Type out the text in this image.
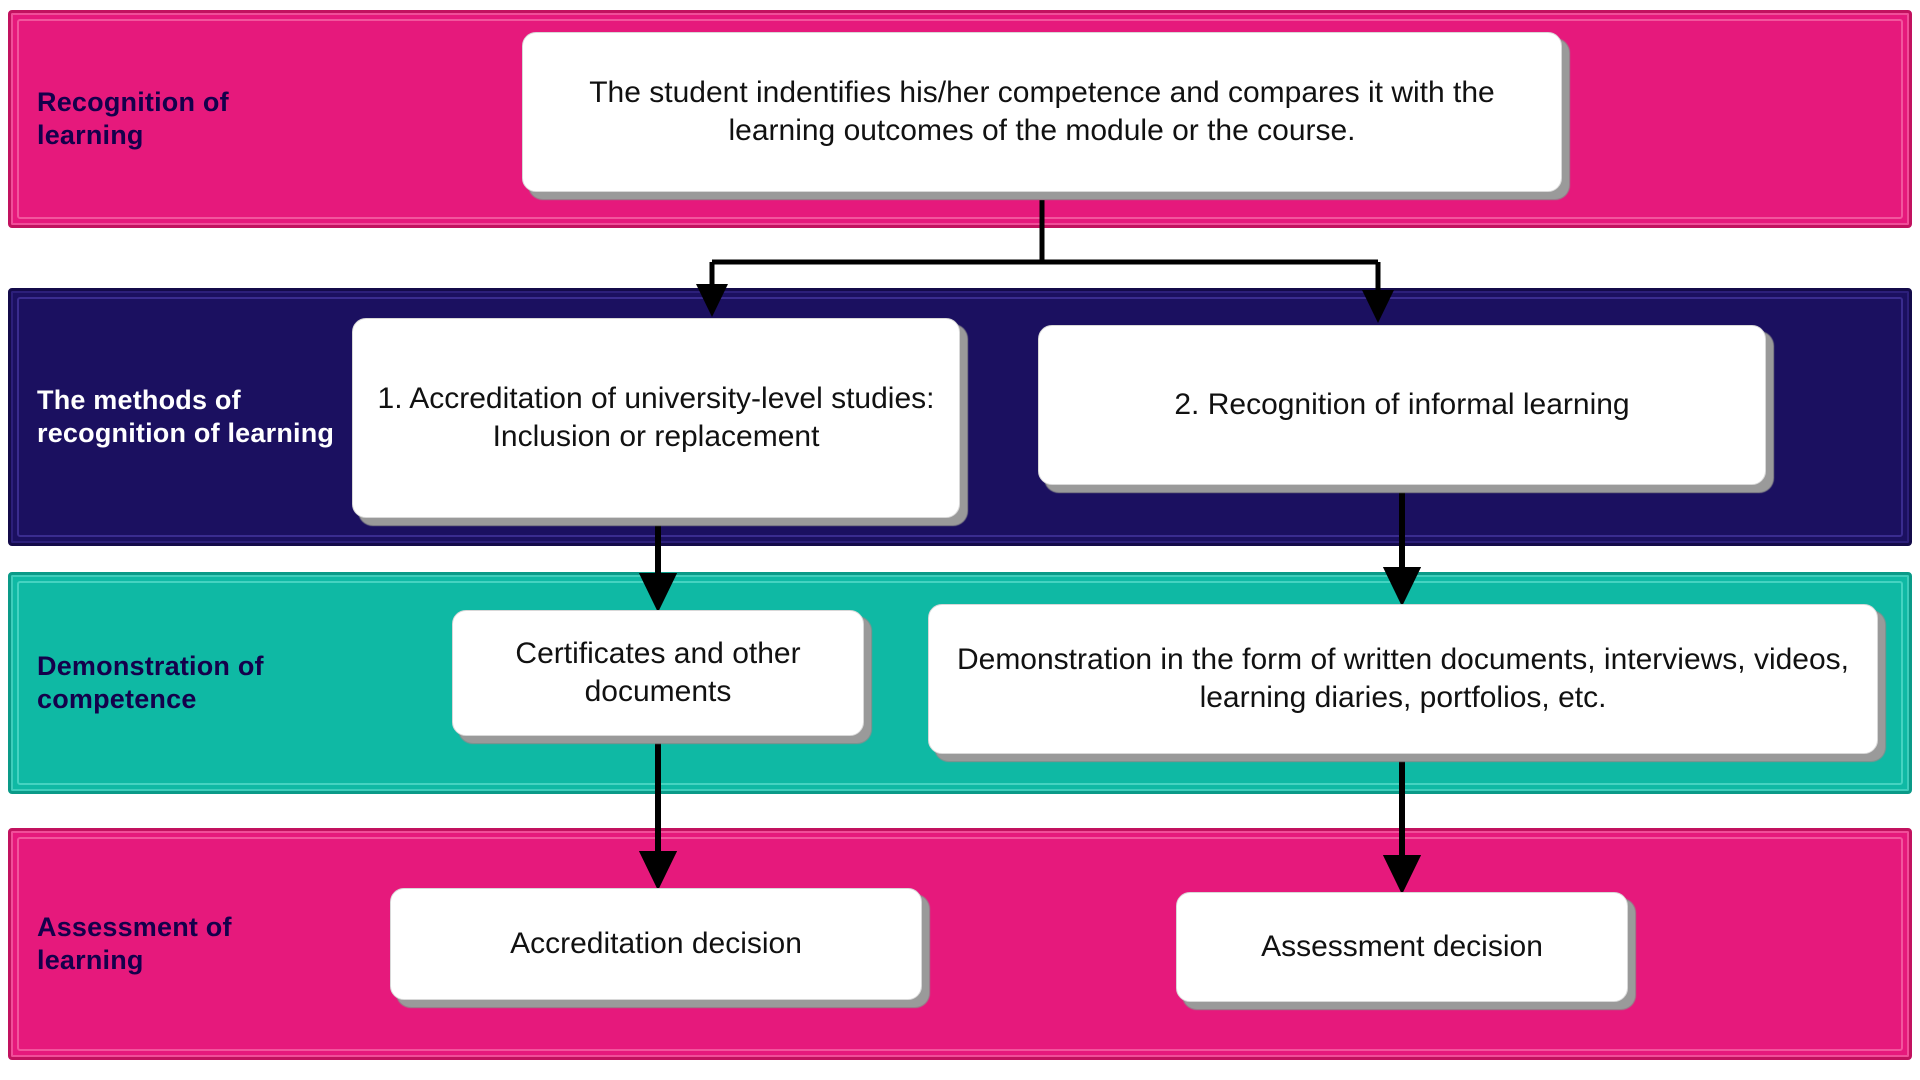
Recognition of learning
The methods of recognition of learning
Demonstration of competence
Assessment of learning
The student indentifies his/her competence and compares it with the learning outcomes of the module or the course.
1. Accreditation of university-level studies: Inclusion or replacement
2. Recognition of informal learning
Certificates and other documents
Demonstration in the form of written documents, interviews, videos, learning diaries, portfolios, etc.
Accreditation decision	Assessment decision
